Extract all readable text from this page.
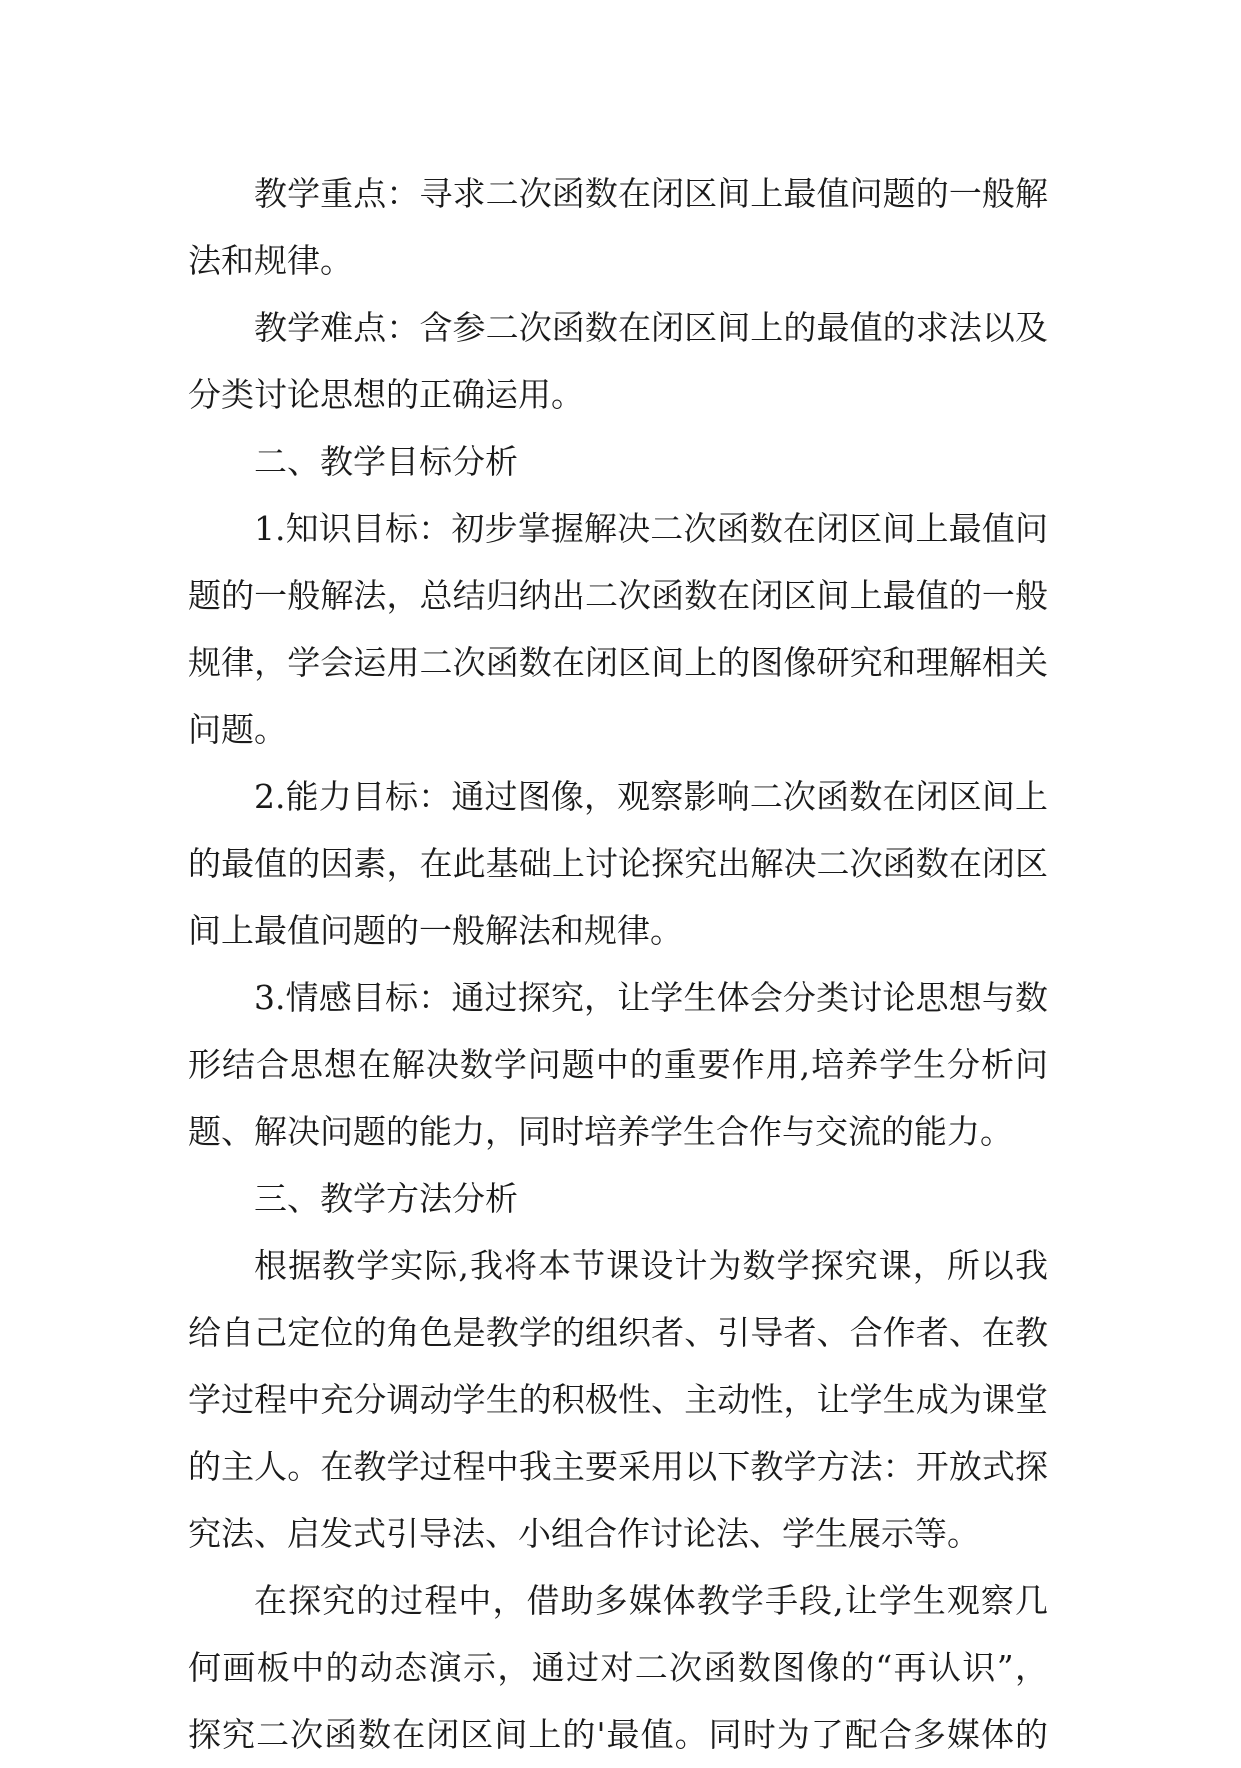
教学重点：寻求二次函数在闭区间上最值问题的一般解
法和规律。
教学难点：含参二次函数在闭区间上的最值的求法以及
分类讨论思想的正确运用。
二、教学目标分析
1.知识目标：初步掌握解决二次函数在闭区间上最值问
题的一般解法，总结归纳出二次函数在闭区间上最值的一般
规律，学会运用二次函数在闭区间上的图像研究和理解相关
问题。
2.能力目标：通过图像，观察影响二次函数在闭区间上
的最值的因素，在此基础上讨论探究出解决二次函数在闭区
间上最值问题的一般解法和规律。
3.情感目标：通过探究，让学生体会分类讨论思想与数
形结合思想在解决数学问题中的重要作用,培养学生分析问
题、解决问题的能力，同时培养学生合作与交流的能力。
三、教学方法分析
根据教学实际,我将本节课设计为数学探究课，所以我
给自己定位的角色是教学的组织者、引导者、合作者、在教
学过程中充分调动学生的积极性、主动性，让学生成为课堂
的主人。在教学过程中我主要采用以下教学方法：开放式探
究法、启发式引导法、小组合作讨论法、学生展示等。
在探究的过程中，借助多媒体教学手段,让学生观察几
何画板中的动态演示，通过对二次函数图像的“再认识”，
探究二次函数在闭区间上的'最值。同时为了配合多媒体的
